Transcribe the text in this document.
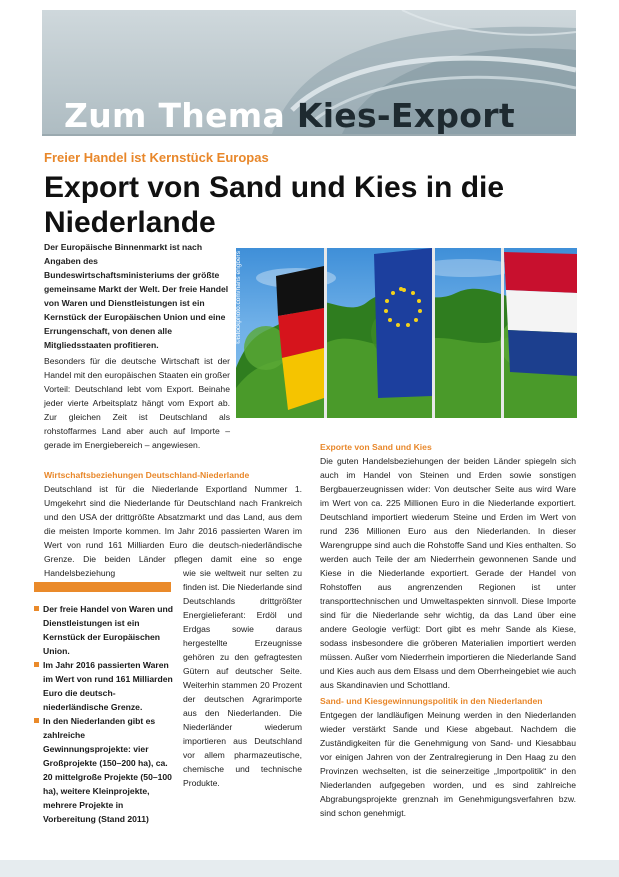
Zum Thema Kies-Export
Freier Handel ist Kernstück Europas
Export von Sand und Kies in die Niederlande

Der Europäische Binnenmarkt ist nach Angaben des Bundeswirtschaftsministeriums der größte gemeinsame Markt der Welt. Der freie Handel von Waren und Dienstleistungen ist ein Kernstück der Europäischen Union und eine Errungenschaft, von denen alle Mitgliedsstaaten profitieren.

©istockphoto.com/hans engbers

Besonders für die deutsche Wirtschaft ist der Handel mit den europäischen Staaten ein großer Vorteil: Deutschland lebt vom Export. Beinahe jeder vierte Arbeitsplatz hängt vom Export ab. Zur gleichen Zeit ist Deutschland als rohstoffarmes Land aber auch auf Importe – gerade im Energiebereich – angewiesen.

Wirtschaftsbeziehungen Deutschland-Niederlande

Deutschland ist für die Niederlande Exportland Nummer 1. Umgekehrt sind die Niederlande für Deutschland nach Frankreich und den USA der drittgrößte Absatzmarkt und das Land, aus dem die meisten Importe kommen. Im Jahr 2016 passierten Waren im Wert von rund 161 Milliarden Euro die deutsch-niederländische Grenze. Die beiden Länder pflegen damit eine so enge Handelsbeziehung	wie sie weltweit nur selten zu finden ist. Die Niederlande sind Deutschlands drittgrößter Energielieferant: Erdöl und Erdgas sowie daraus hergestellte Erzeugnisse gehören zu den gefragtesten Gütern auf deutscher Seite. Weiterhin stammen 20 Prozent der deutschen Agrarimporte aus den Niederlanden. Die Niederländer wiederum importieren aus Deutschland vor allem pharmazeutische, chemische und technische Produkte.

Der freie Handel von Waren und Dienstleistungen ist ein Kernstück der Europäischen Union.
Im Jahr 2016 passierten Waren im Wert von rund 161 Milliarden Euro die deutsch-niederländische Grenze.
In den Niederlanden gibt es zahlreiche Gewinnungsprojekte: vier Großprojekte (150–200 ha), ca. 20 mittelgroße Projekte (50–100 ha), weitere Kleinprojekte, mehrere Projekte in Vorbereitung (Stand 2011)
Exporte von Sand und Kies

Die guten Handelsbeziehungen der beiden Länder spiegeln sich auch im Handel von Steinen und Erden sowie sonstigen Bergbauerzeugnissen wider: Von deutscher Seite aus wird Ware im Wert von ca. 225 Millionen Euro in die Niederlande exportiert. Deutschland importiert wiederum Steine und Erden im Wert von rund 236 Millionen Euro aus den Niederlanden. In dieser Warengruppe sind auch die Rohstoffe Sand und Kies enthalten. So werden auch Teile der am Niederrhein gewonnenen Sande und Kiese in die Niederlande exportiert. Gerade der Handel von Rohstoffen aus angrenzenden Regionen ist unter transporttechnischen und Umweltaspekten sinnvoll. Diese Importe sind für die Niederlande sehr wichtig, da das Land über eine andere Geologie verfügt: Dort gibt es mehr Sande als Kiese, sodass insbesondere die gröberen Materialien importiert werden müssen. Außer vom Niederrhein importieren die Niederlande Sand und Kies auch aus dem Elsass und dem Oberrheingebiet wie auch aus Skandinavien und Schottland.

Sand- und Kiesgewinnungspolitik in den Niederlanden

Entgegen der landläufigen Meinung werden in den Niederlanden wieder verstärkt Sande und Kiese abgebaut. Nachdem die Zuständigkeiten für die Genehmigung von Sand- und Kiesabbau vor einigen Jahren von der Zentralregierung in Den Haag zu den Provinzen wechselten, ist die seinerzeitige „Importpolitik“ in den Niederlanden aufgegeben worden, und es sind zahlreiche Abgrabungsprojekte grenznah im Genehmigungsverfahren bzw. sind schon genehmigt.
